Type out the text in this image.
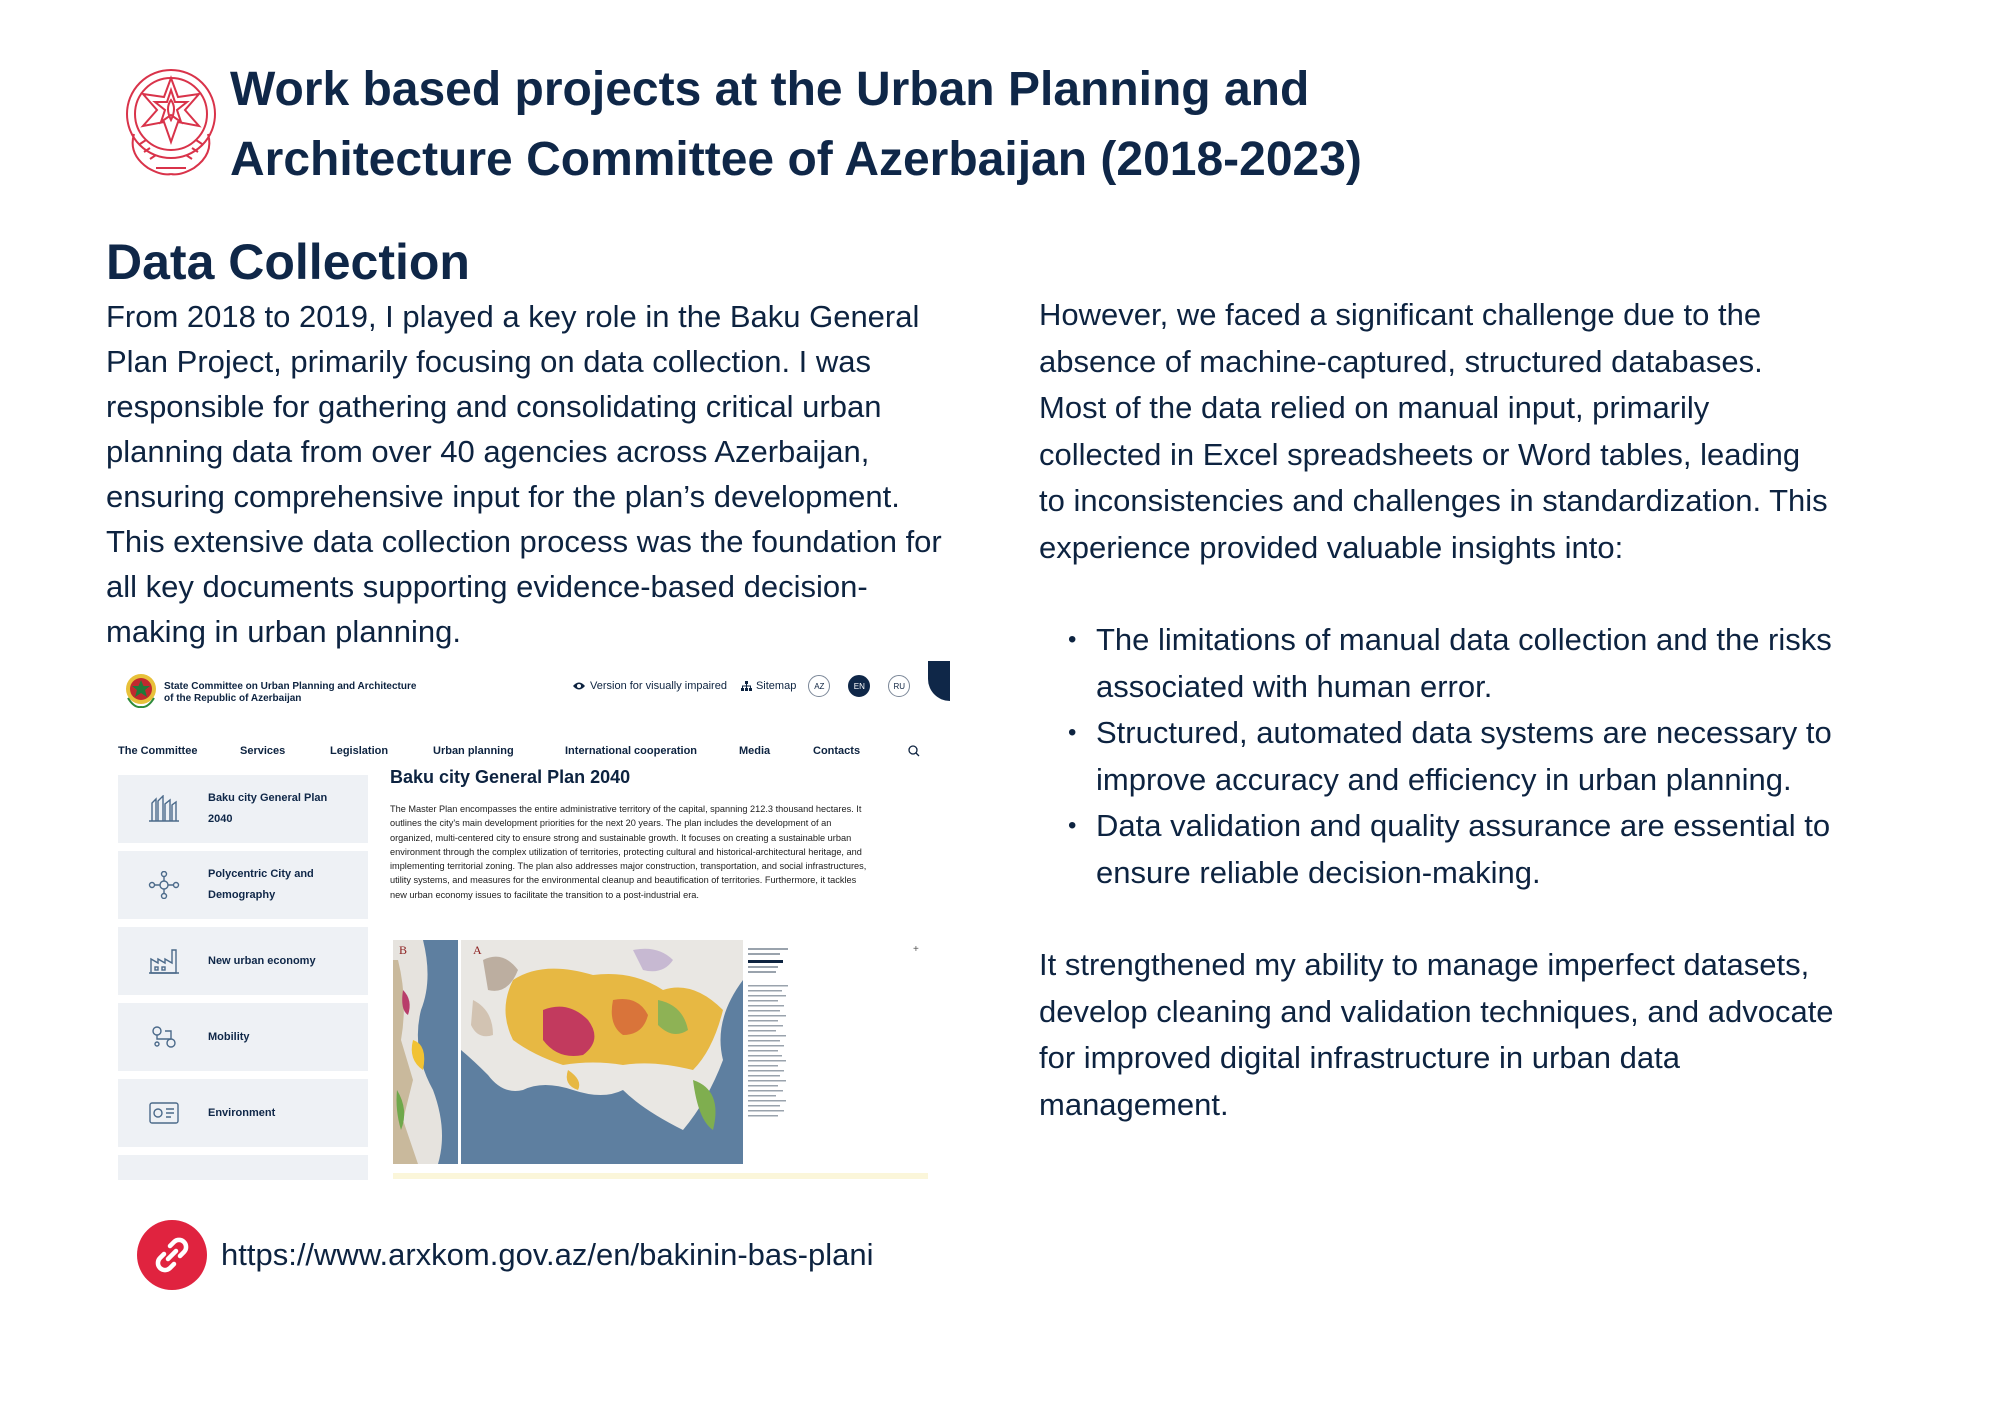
Work based projects at the Urban Planning and
Architecture Committee of Azerbaijan (2018-2023)
Data Collection
From 2018 to 2019, I played a key role in the Baku General
Plan Project, primarily focusing on data collection. I was
responsible for gathering and consolidating critical urban
planning data from over 40 agencies across Azerbaijan,
ensuring comprehensive input for the plan’s development.
This extensive data collection process was the foundation for
all key documents supporting evidence-based decision-
making in urban planning.
However, we faced a significant challenge due to the
absence of machine-captured, structured databases.
Most of the data relied on manual input, primarily
collected in Excel spreadsheets or Word tables, leading
to inconsistencies and challenges in standardization. This
experience provided valuable insights into:
• The limitations of manual data collection and the risks
associated with human error.
• Structured, automated data systems are necessary to
improve accuracy and efficiency in urban planning.
• Data validation and quality assurance are essential to
ensure reliable decision-making.
It strengthened my ability to manage imperfect datasets,
develop cleaning and validation techniques, and advocate
for improved digital infrastructure in urban data
management.
State Committee on Urban Planning and Architecture
of the Republic of Azerbaijan
Version for visually impaired	Sitemap	AZ	EN	RU
The Committee	Services	Legislation	Urban planning	International cooperation	Media	Contacts
Baku city General Plan
2040
Polycentric City and
Demography
New urban economy
Mobility
Environment
Baku city General Plan 2040
The Master Plan encompasses the entire administrative territory of the capital, spanning 212.3 thousand hectares. It
outlines the city's main development priorities for the next 20 years. The plan includes the development of an
organized, multi-centered city to ensure strong and sustainable growth. It focuses on creating a sustainable urban
environment through the complex utilization of territories, protecting cultural and historical-architectural heritage, and
implementing territorial zoning. The plan also addresses major construction, transportation, and social infrastructures,
utility systems, and measures for the environmental cleanup and beautification of territories. Furthermore, it tackles
new urban economy issues to facilitate the transition to a post-industrial era.
B	A	+
https://www.arxkom.gov.az/en/bakinin-bas-plani
